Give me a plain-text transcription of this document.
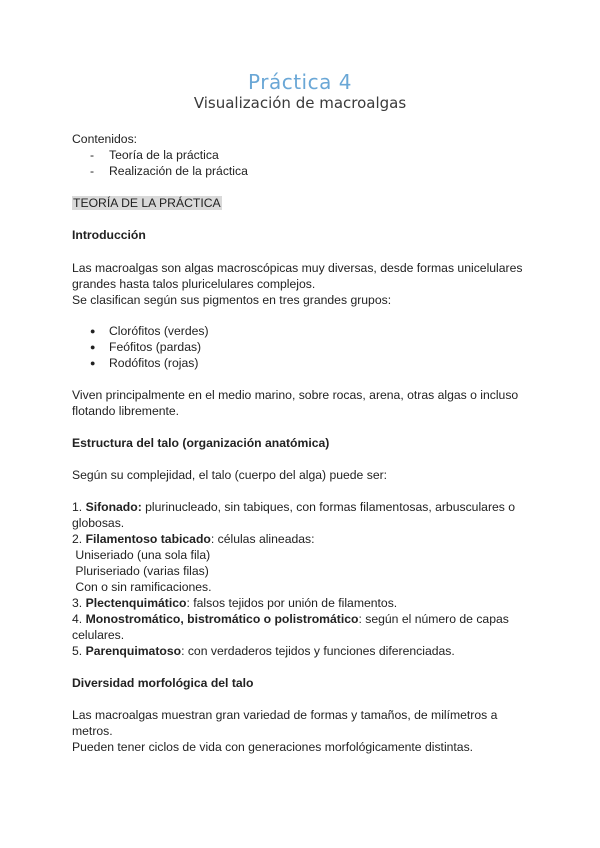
Práctica 4
Visualización de macroalgas
Contenidos:
- Teoría de la práctica
- Realización de la práctica
TEORÍA DE LA PRÁCTICA
Introducción
Las macroalgas son algas macroscópicas muy diversas, desde formas unicelulares
grandes hasta talos pluricelulares complejos.
Se clasifican según sus pigmentos en tres grandes grupos:
● Clorófitos (verdes)
● Feófitos (pardas)
● Rodófitos (rojas)
Viven principalmente en el medio marino, sobre rocas, arena, otras algas o incluso
flotando libremente.
Estructura del talo (organización anatómica)
Según su complejidad, el talo (cuerpo del alga) puede ser:
1. Sifonado: plurinucleado, sin tabiques, con formas filamentosas, arbusculares o
globosas.
2. Filamentoso tabicado: células alineadas:
Uniseriado (una sola fila)
Pluriseriado (varias filas)
Con o sin ramificaciones.
3. Plectenquimático: falsos tejidos por unión de filamentos.
4. Monostromático, bistromático o polistromático: según el número de capas
celulares.
5. Parenquimatoso: con verdaderos tejidos y funciones diferenciadas.
Diversidad morfológica del talo
Las macroalgas muestran gran variedad de formas y tamaños, de milímetros a
metros.
Pueden tener ciclos de vida con generaciones morfológicamente distintas.
